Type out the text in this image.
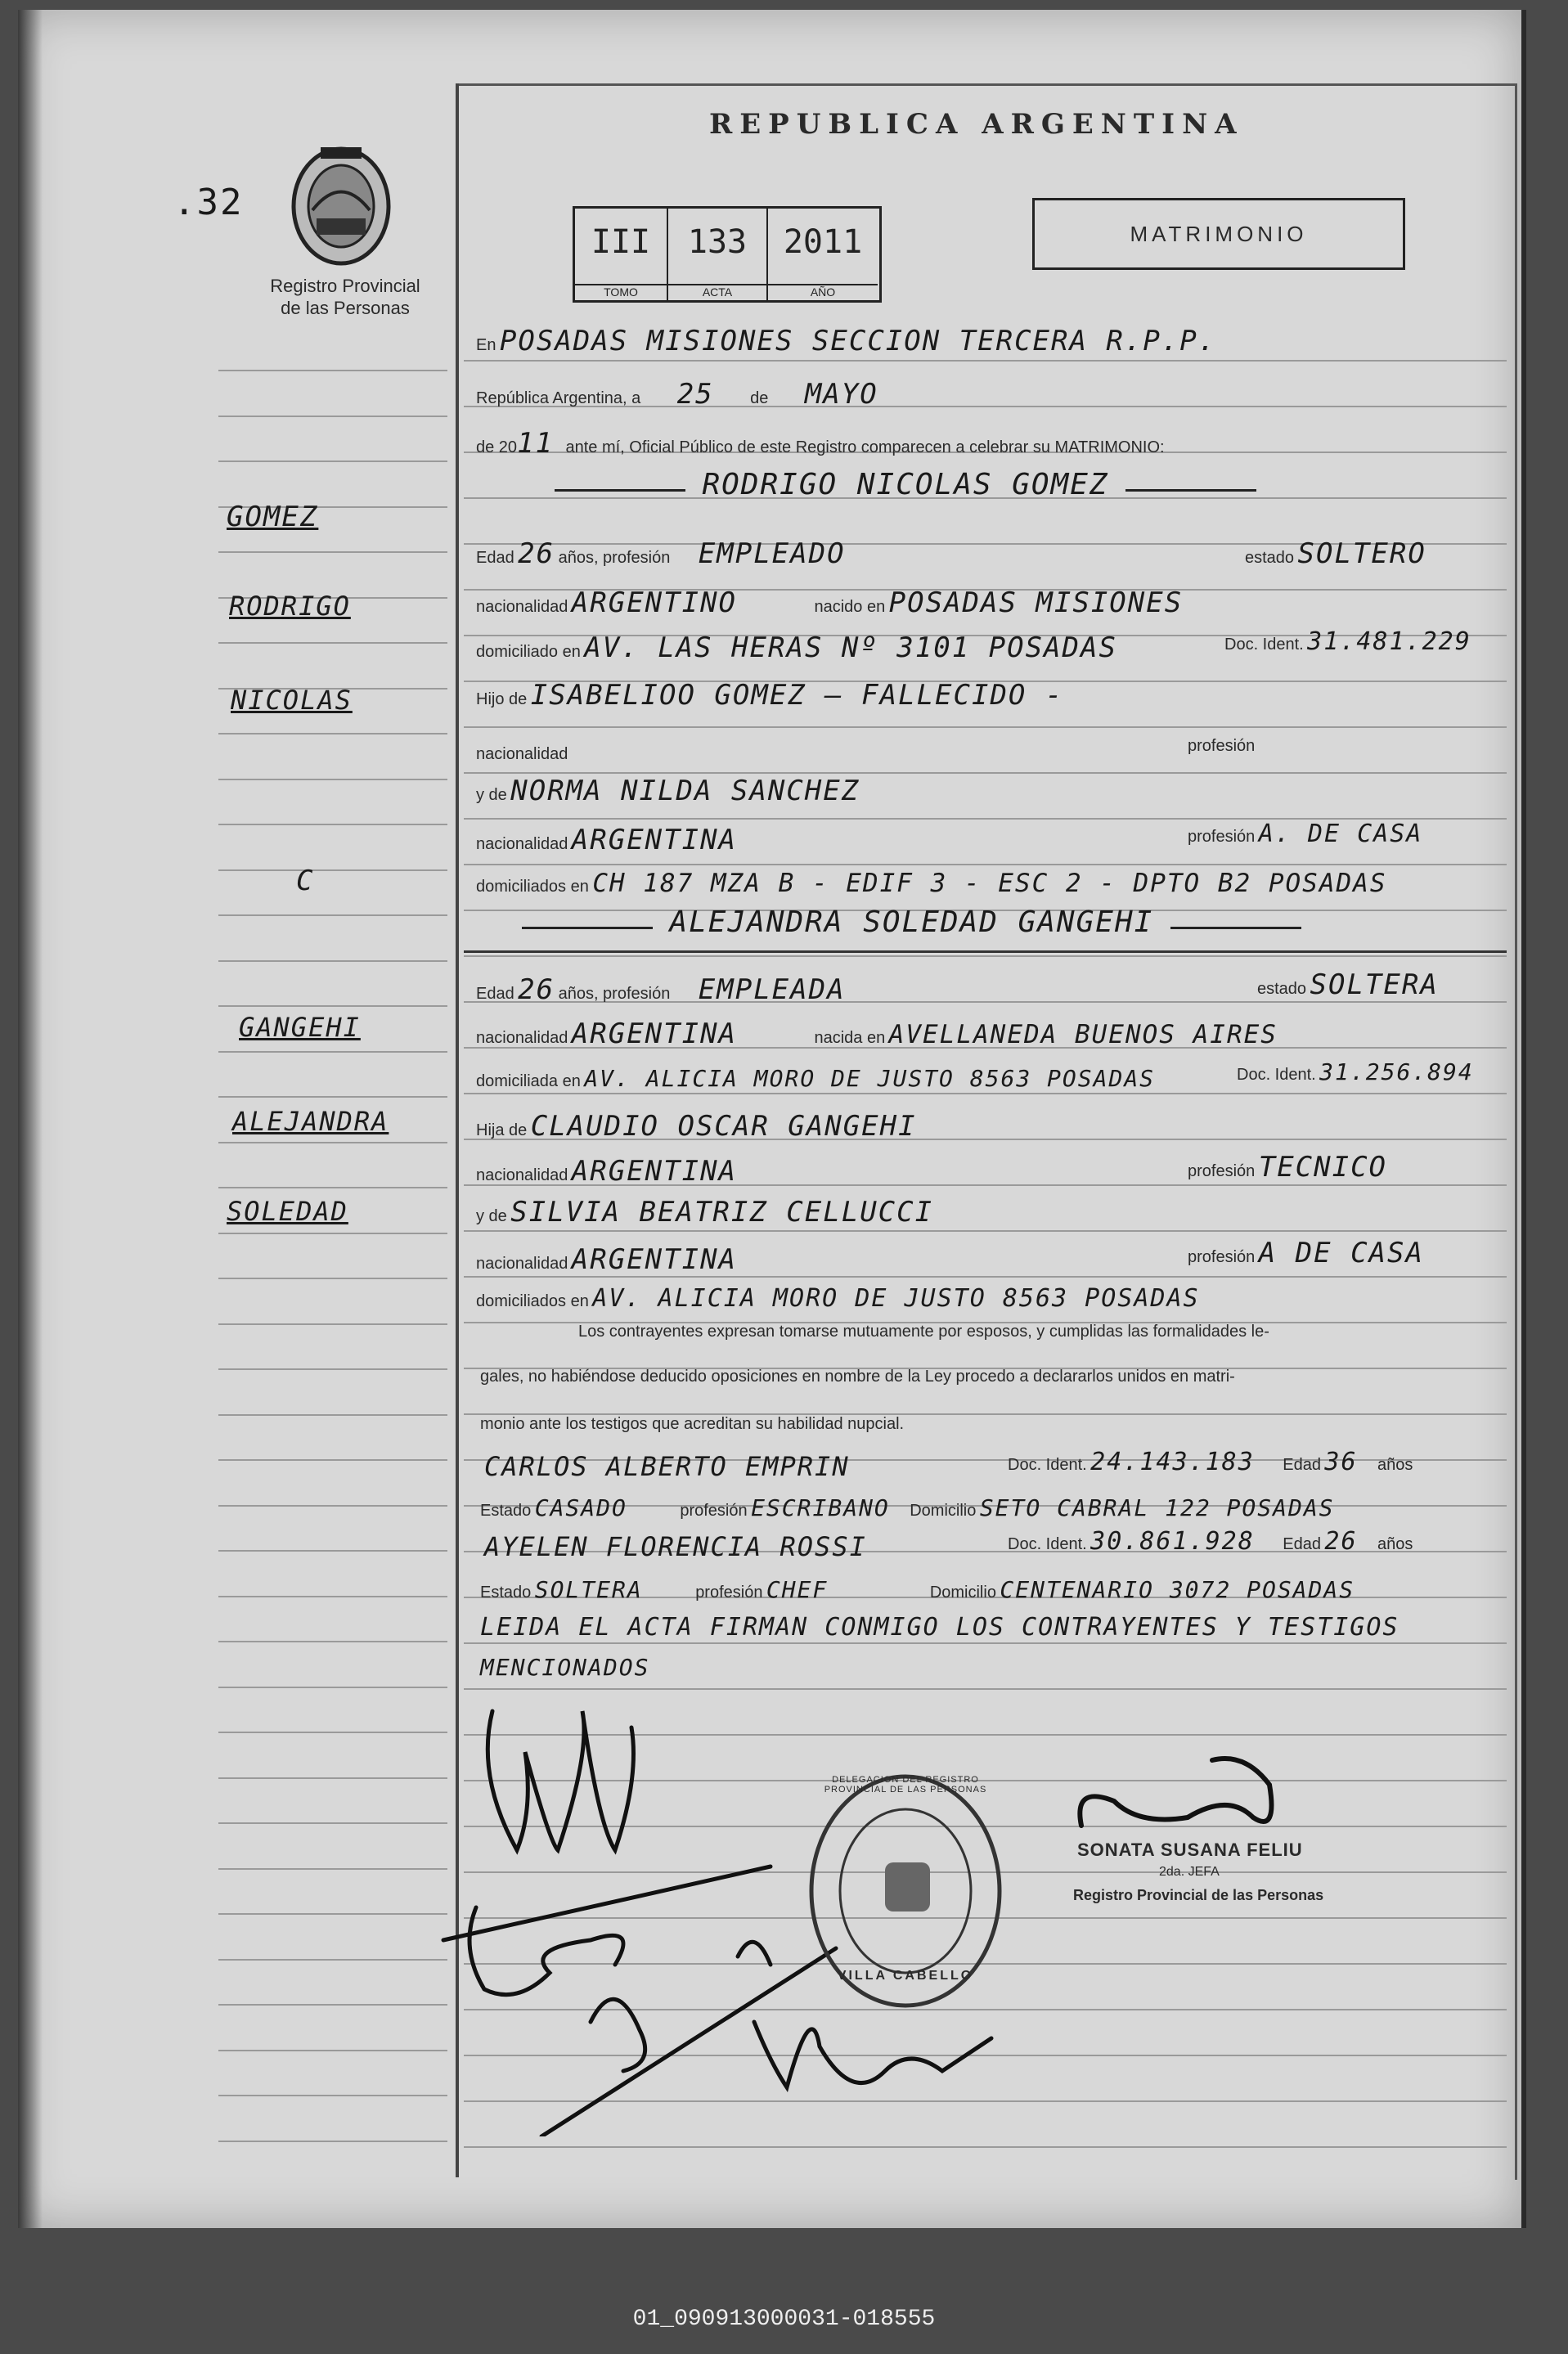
.32
Registro Provincial
de las Personas
REPUBLICA ARGENTINA
III
TOMO
133
ACTA
2011
AÑO
MATRIMONIO
En POSADAS MISIONES SECCION TERCERA R.P.P.
República Argentina, a 25 de MAYO
de 2011 ante mí, Oficial Público de este Registro comparecen a celebrar su MATRIMONIO:
RODRIGO NICOLAS GOMEZ
GOMEZ
RODRIGO
NICOLAS
C
GANGEHI
ALEJANDRA
SOLEDAD
Edad 26 años, profesión EMPLEADO	estado SOLTERO
nacionalidad ARGENTINO	nacido en POSADAS MISIONES
domiciliado en AV. LAS HERAS Nº 3101 POSADAS	Doc. Ident. 31.481.229
Hijo de ISABELIOO GOMEZ — FALLECIDO -
nacionalidad	profesión
y de NORMA NILDA SANCHEZ
nacionalidad ARGENTINA	profesión A. DE CASA
domiciliados en CH 187 MZA B - EDIF 3 - ESC 2 - DPTO B2 POSADAS
ALEJANDRA SOLEDAD GANGEHI
Edad 26 años, profesión EMPLEADA	estado SOLTERA
nacionalidad ARGENTINA	nacida en AVELLANEDA BUENOS AIRES
domiciliada en AV. ALICIA MORO DE JUSTO 8563 POSADAS	Doc. Ident. 31.256.894
Hija de CLAUDIO OSCAR GANGEHI
nacionalidad ARGENTINA	profesión TECNICO
y de SILVIA BEATRIZ CELLUCCI
nacionalidad ARGENTINA	profesión A DE CASA
domiciliados en AV. ALICIA MORO DE JUSTO 8563 POSADAS
Los contrayentes expresan tomarse mutuamente por esposos, y cumplidas las formalidades le-
gales, no habiéndose deducido oposiciones en nombre de la Ley procedo a declararlos unidos en matri-
monio ante los testigos que acreditan su habilidad nupcial.
CARLOS ALBERTO EMPRIN	Doc. Ident. 24.143.183 Edad 36 años
Estado CASADO	profesión ESCRIBANO Domicilio SETO CABRAL 122 POSADAS
AYELEN FLORENCIA ROSSI	Doc. Ident. 30.861.928 Edad 26 años
Estado SOLTERA	profesión CHEF	Domicilio CENTENARIO 3072 POSADAS
LEIDA EL ACTA FIRMAN CONMIGO LOS CONTRAYENTES Y TESTIGOS
MENCIONADOS
DELEGACION DEL REGISTRO PROVINCIAL DE LAS PERSONAS
VILLA CABELLO
SONATA SUSANA FELIU
2da. JEFA
Registro Provincial de las Personas
01_090913000031-018555
